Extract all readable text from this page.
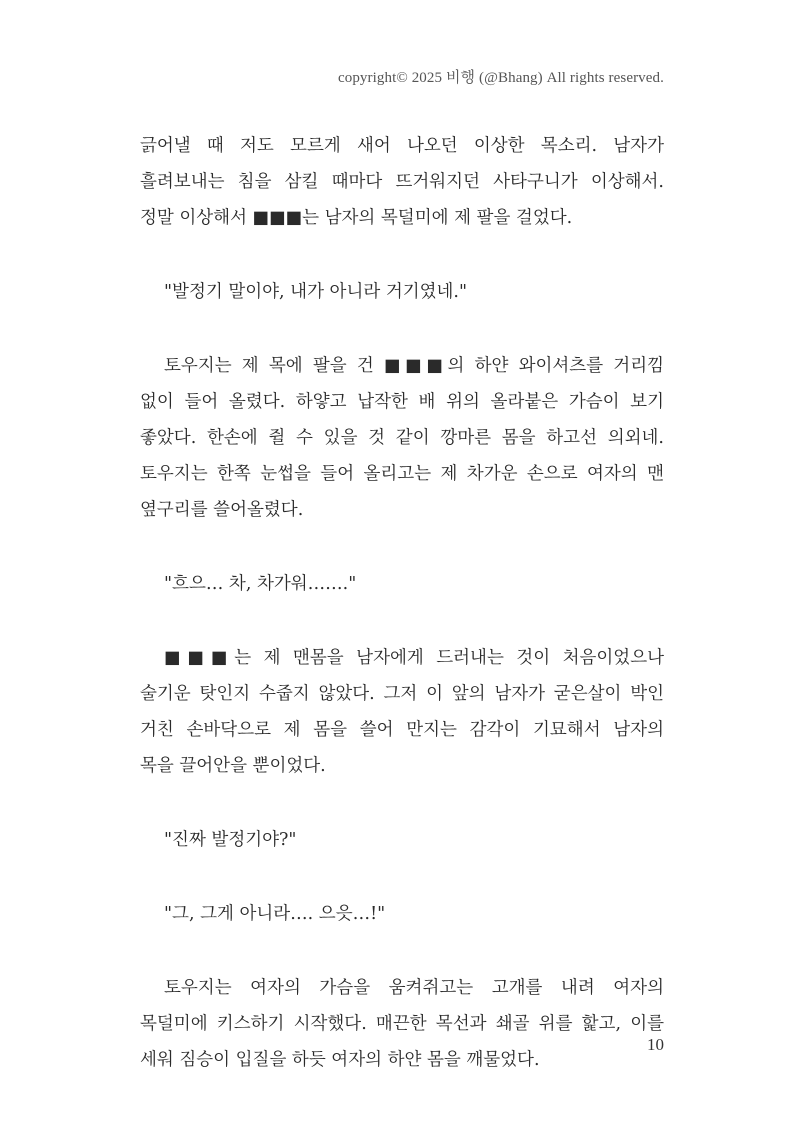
copyright© 2025 비행 (@Bhang) All rights reserved.

긁어낼 때 저도 모르게 새어 나오던 이상한 목소리. 남자가
흘려보내는 침을 삼킬 때마다 뜨거워지던 사타구니가 이상해서.
정말 이상해서 ■■■는 남자의 목덜미에 제 팔을 걸었다.

"발정기 말이야, 내가 아니라 거기였네."

토우지는 제 목에 팔을 건 ■■■의 하얀 와이셔츠를 거리낌
없이 들어 올렸다. 하얗고 납작한 배 위의 올라붙은 가슴이 보기
좋았다. 한손에 쥘 수 있을 것 같이 깡마른 몸을 하고선 의외네.
토우지는 한쪽 눈썹을 들어 올리고는 제 차가운 손으로 여자의 맨
옆구리를 쓸어올렸다.

"흐으… 차, 차가워……."

■■■는 제 맨몸을 남자에게 드러내는 것이 처음이었으나
술기운 탓인지 수줍지 않았다. 그저 이 앞의 남자가 굳은살이 박인
거친 손바닥으로 제 몸을 쓸어 만지는 감각이 기묘해서 남자의
목을 끌어안을 뿐이었다.

"진짜 발정기야?"

"그, 그게 아니라…. 으읏…!"

토우지는 여자의 가슴을 움켜쥐고는 고개를 내려 여자의
목덜미에 키스하기 시작했다. 매끈한 목선과 쇄골 위를 핥고, 이를
세워 짐승이 입질을 하듯 여자의 하얀 몸을 깨물었다.

10
